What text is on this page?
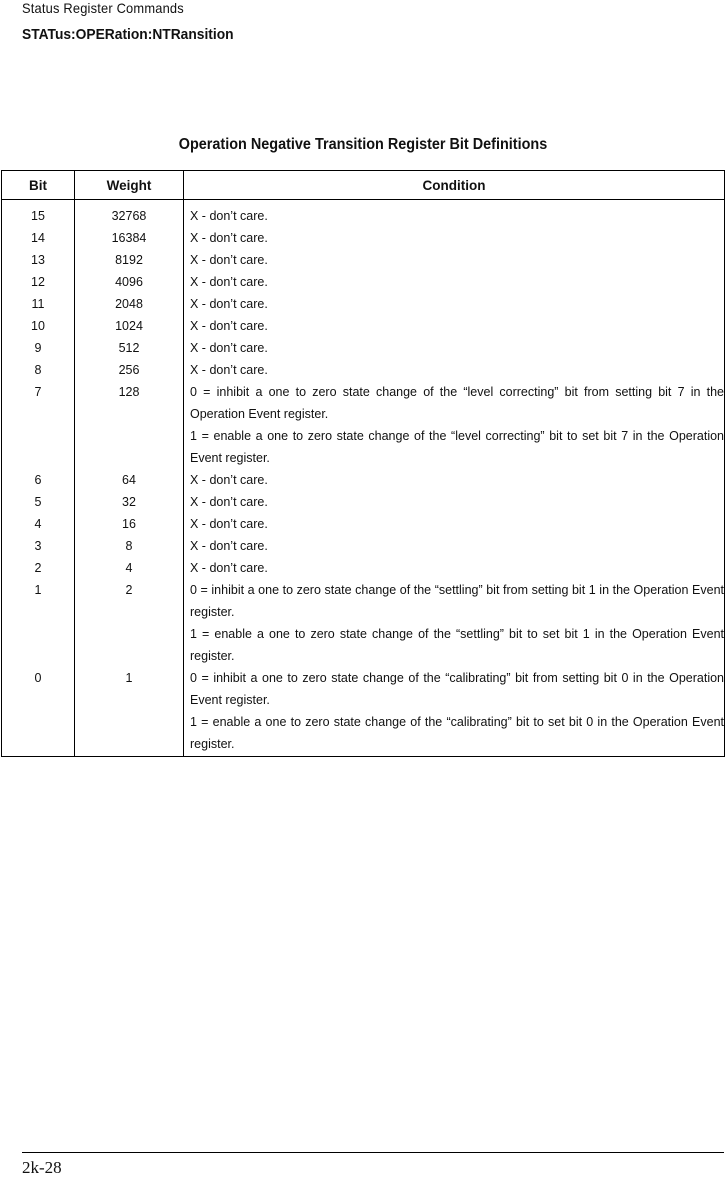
Status Register Commands
STATus:OPERation:NTRansition
Operation Negative Transition Register Bit Definitions
Bit	Weight	Condition
15	32768	X - don’t care.

14	16384	X - don’t care.

13	8192	X - don’t care.

12	4096	X - don’t care.

11	2048	X - don’t care.

10	1024	X - don’t care.

9	512	X - don’t care.

8	256	X - don’t care.

7	128	0 = inhibit a one to zero state change of the “level correcting” bit from setting bit 7 in the Operation Event register.
1 = enable a one to zero state change of the “level correcting” bit to set bit 7 in the Operation Event register.

6	64	X - don’t care.

5	32	X - don’t care.

4	16	X - don’t care.

3	8	X - don’t care.

2	4	X - don’t care.

1	2	0 = inhibit a one to zero state change of the “settling” bit from setting bit 1 in the Operation Event register.
1 = enable a one to zero state change of the “settling” bit to set bit 1 in the Operation Event register.

0	1	0 = inhibit a one to zero state change of the “calibrating” bit from setting bit 0 in the Operation Event register.
1 = enable a one to zero state change of the “calibrating” bit to set bit 0 in the Operation Event register.
2k-28
